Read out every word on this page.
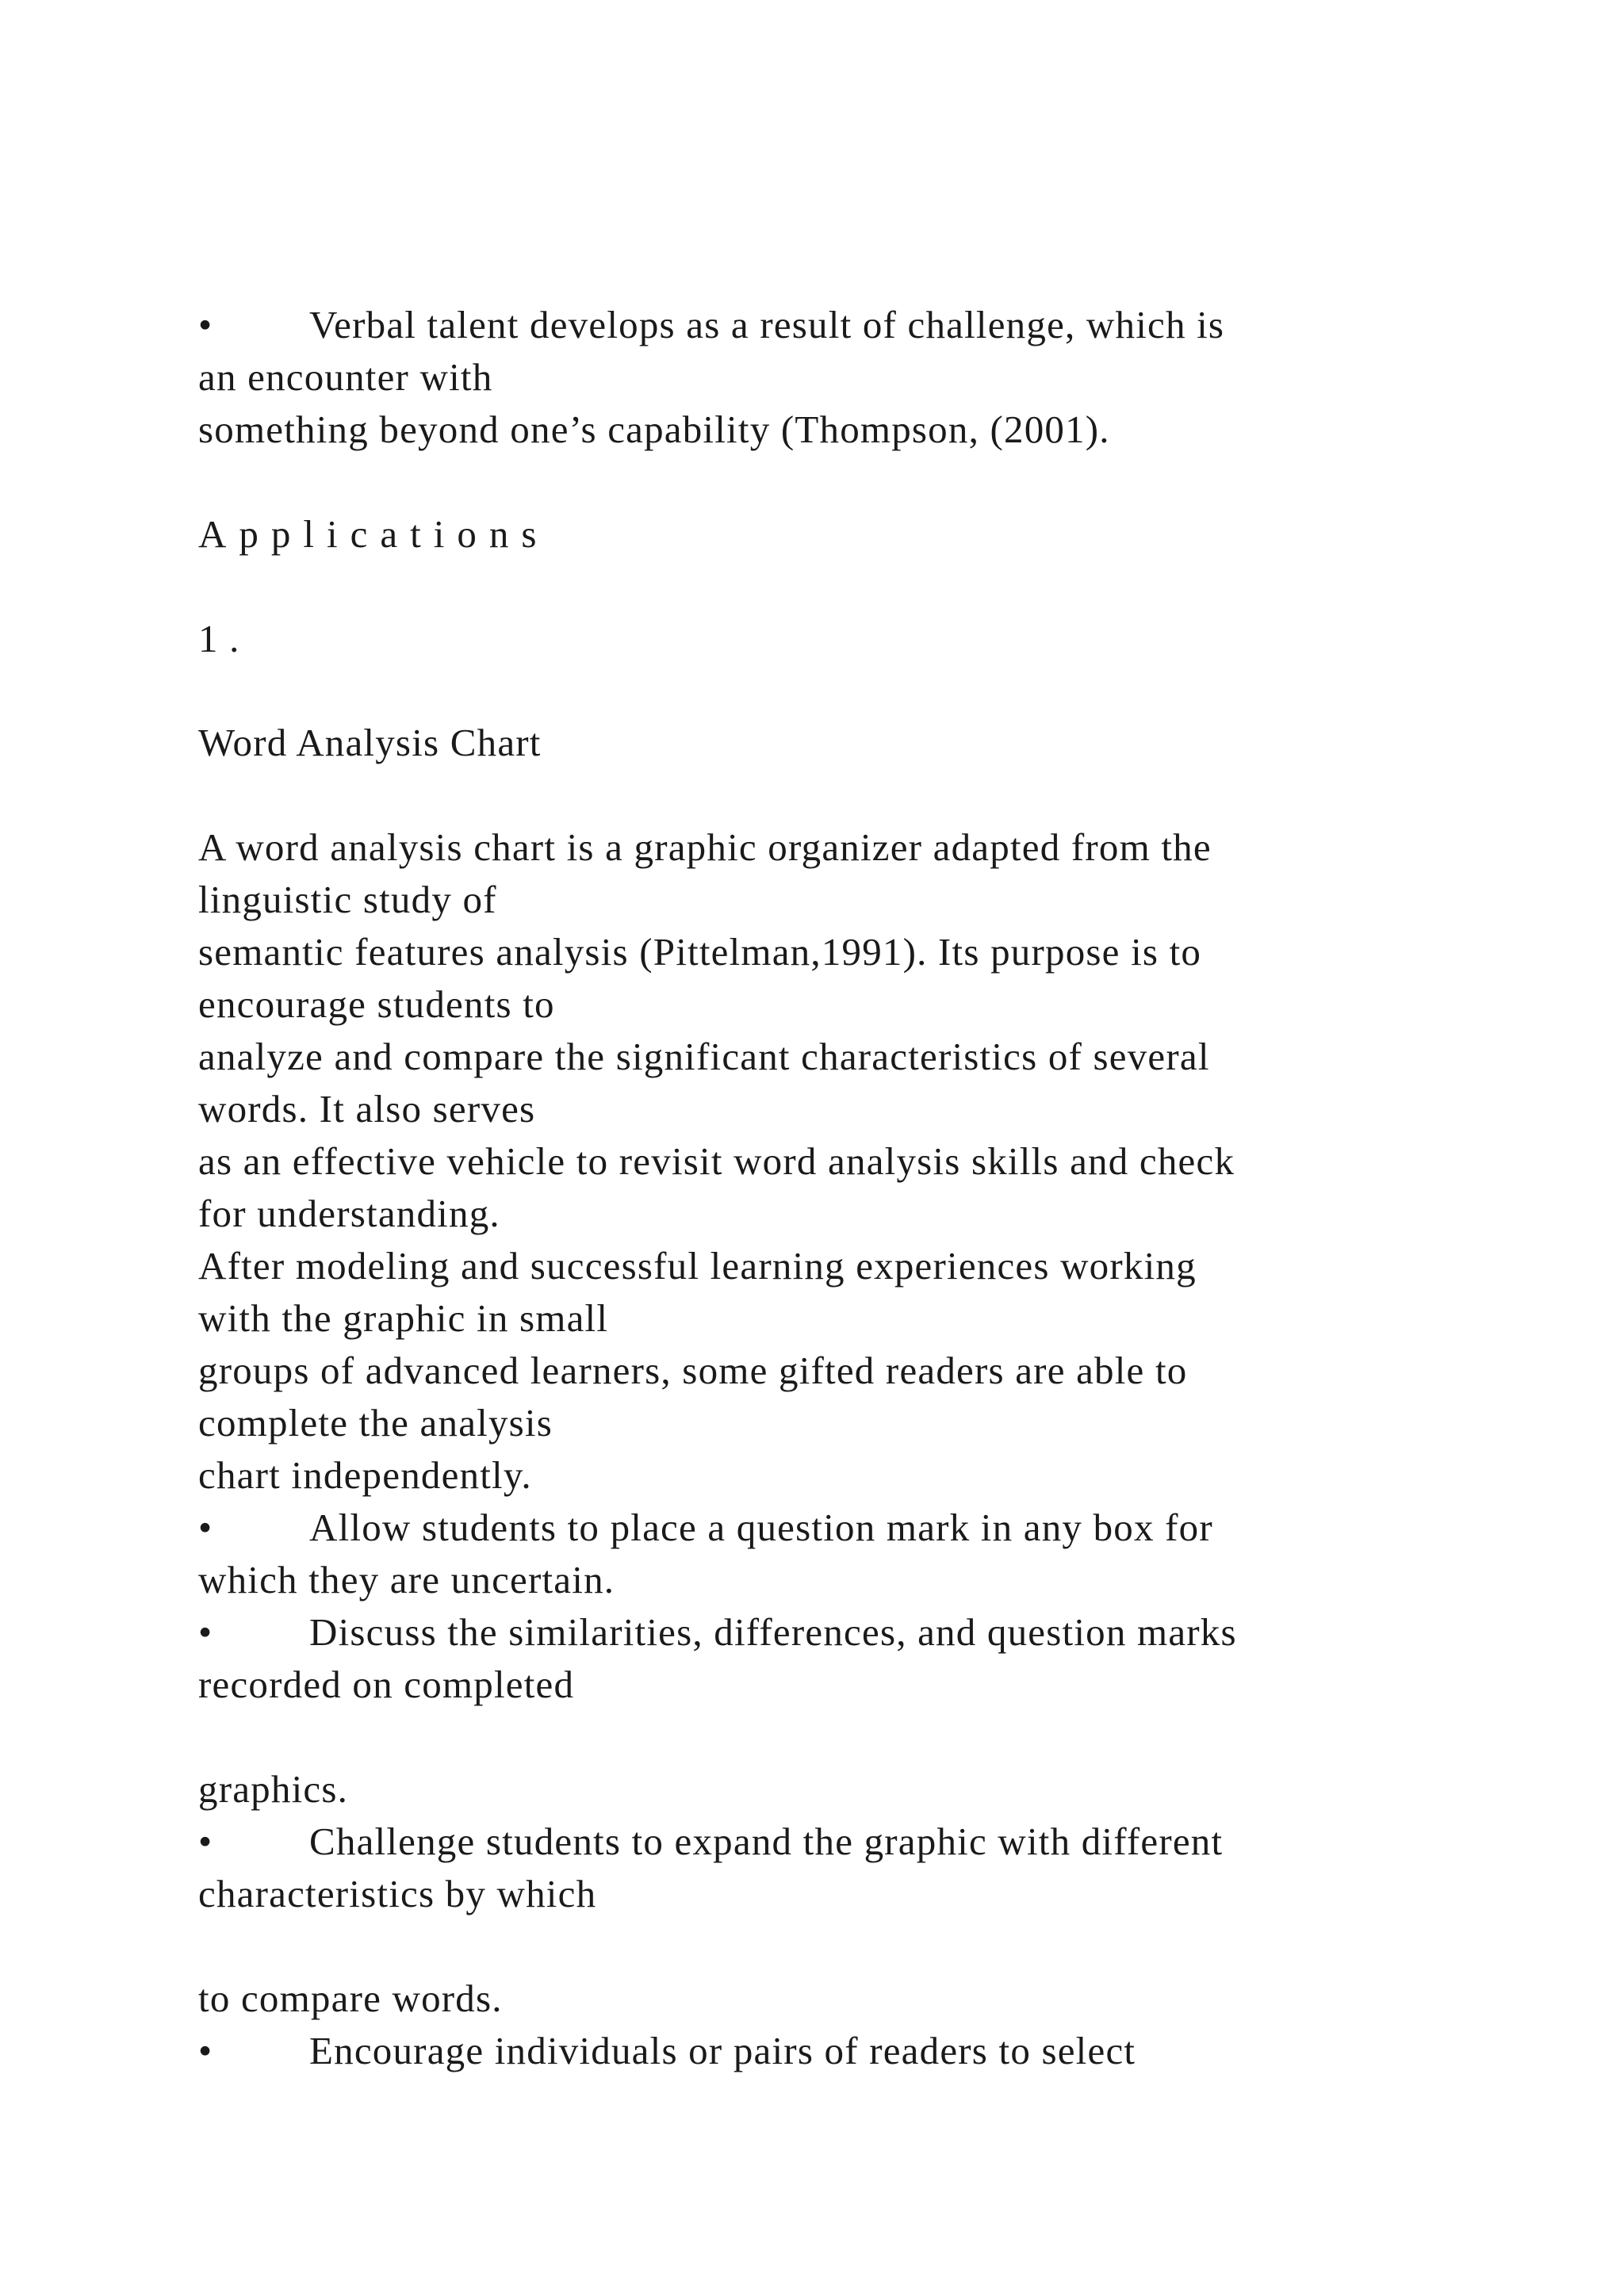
• Verbal talent develops as a result of challenge, which is

an encounter with

something beyond one’s capability (Thompson, (2001).

Applications

1 .

Word Analysis Chart

A word analysis chart is a graphic organizer adapted from the

linguistic study of

semantic features analysis (Pittelman,1991). Its purpose is to

encourage students to

analyze and compare the significant characteristics of several

words. It also serves

as an effective vehicle to revisit word analysis skills and check

for understanding.

After modeling and successful learning experiences working

with the graphic in small

groups of advanced learners, some gifted readers are able to

complete the analysis

chart independently.

• Allow students to place a question mark in any box for

which they are uncertain.

• Discuss the similarities, differences, and question marks

recorded on completed

graphics.

• Challenge students to expand the graphic with different

characteristics by which

to compare words.

• Encourage individuals or pairs of readers to select
